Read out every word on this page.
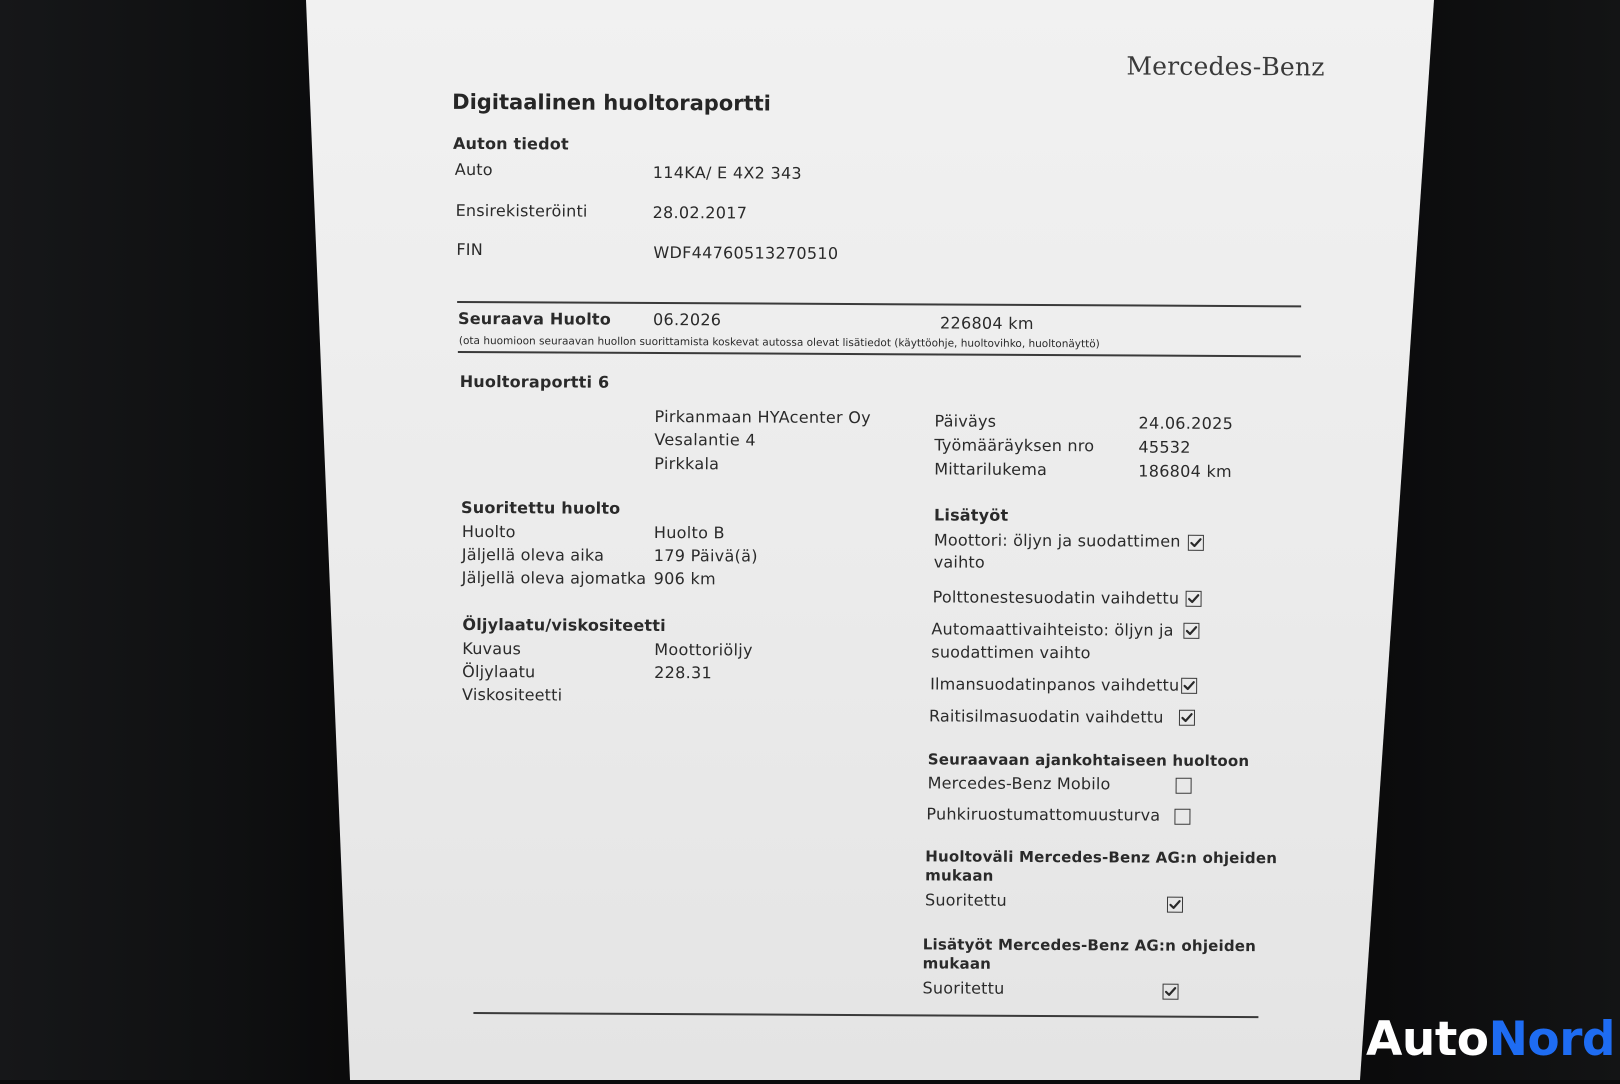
Mercedes-Benz
Digitaalinen huoltoraportti
Auton tiedot
Auto	114KA/ E 4X2 343
Ensirekisteröinti	28.02.2017
FIN	WDF44760513270510
Seuraava Huolto	06.2026	226804 km
(ota huomioon seuraavan huollon suorittamista koskevat autossa olevat lisätiedot (käyttöohje, huoltovihko, huoltonäyttö)
Huoltoraportti 6
Pirkanmaan HYAcenter Oy
Vesalantie 4
Pirkkala
Päiväys	24.06.2025
Työmääräyksen nro	45532
Mittarilukema	186804 km
Suoritettu huolto
Huolto	Huolto B
Jäljellä oleva aika	179 Päivä(ä)
Jäljellä oleva ajomatka 906 km
Öljylaatu/viskositeetti
Kuvaus	Moottoriöljy
Öljylaatu	228.31
Viskositeetti
Lisätyöt
Moottori: öljyn ja suodattimen
vaihto
Polttonestesuodatin vaihdettu
Automaattivaihteisto: öljyn ja
suodattimen vaihto
Ilmansuodatinpanos vaihdettu
Raitisilmasuodatin vaihdettu
Seuraavaan ajankohtaiseen huoltoon
Mercedes-Benz Mobilo
Puhkiruostumattomuusturva
Huoltoväli Mercedes-Benz AG:n ohjeiden
mukaan
Suoritettu
Lisätyöt Mercedes-Benz AG:n ohjeiden
mukaan
Suoritettu
AutoNord
